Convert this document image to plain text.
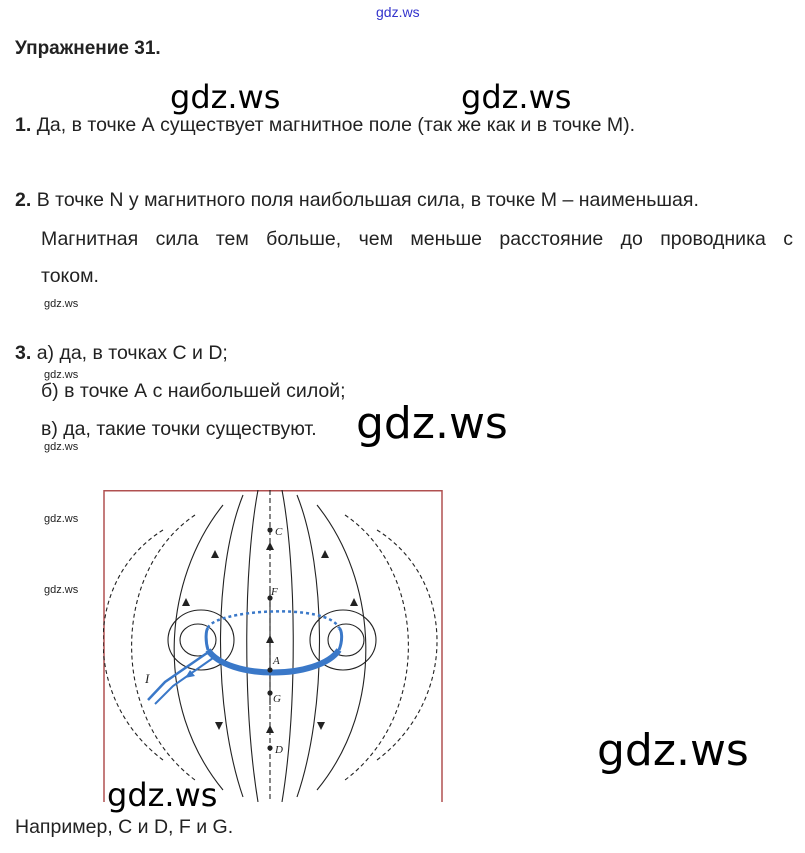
gdz.ws
Упражнение 31.
gdz.ws	gdz.ws
1. Да, в точке А существует магнитное поле (так же как и в точке М).
2. В точке N у магнитного поля наибольшая сила, в точке М – наименьшая.
Магнитная сила тем больше, чем меньше расстояние до проводника с
током.
gdz.ws
3. а) да, в точках С и D;
gdz.ws
б) в точке А с наибольшей силой;
в) да, такие точки существуют.
gdz.ws	gdz.ws
gdz.ws
gdz.ws
C
F
A
G
D
I
gdz.ws
gdz.ws
Например, С и D, F и G.
